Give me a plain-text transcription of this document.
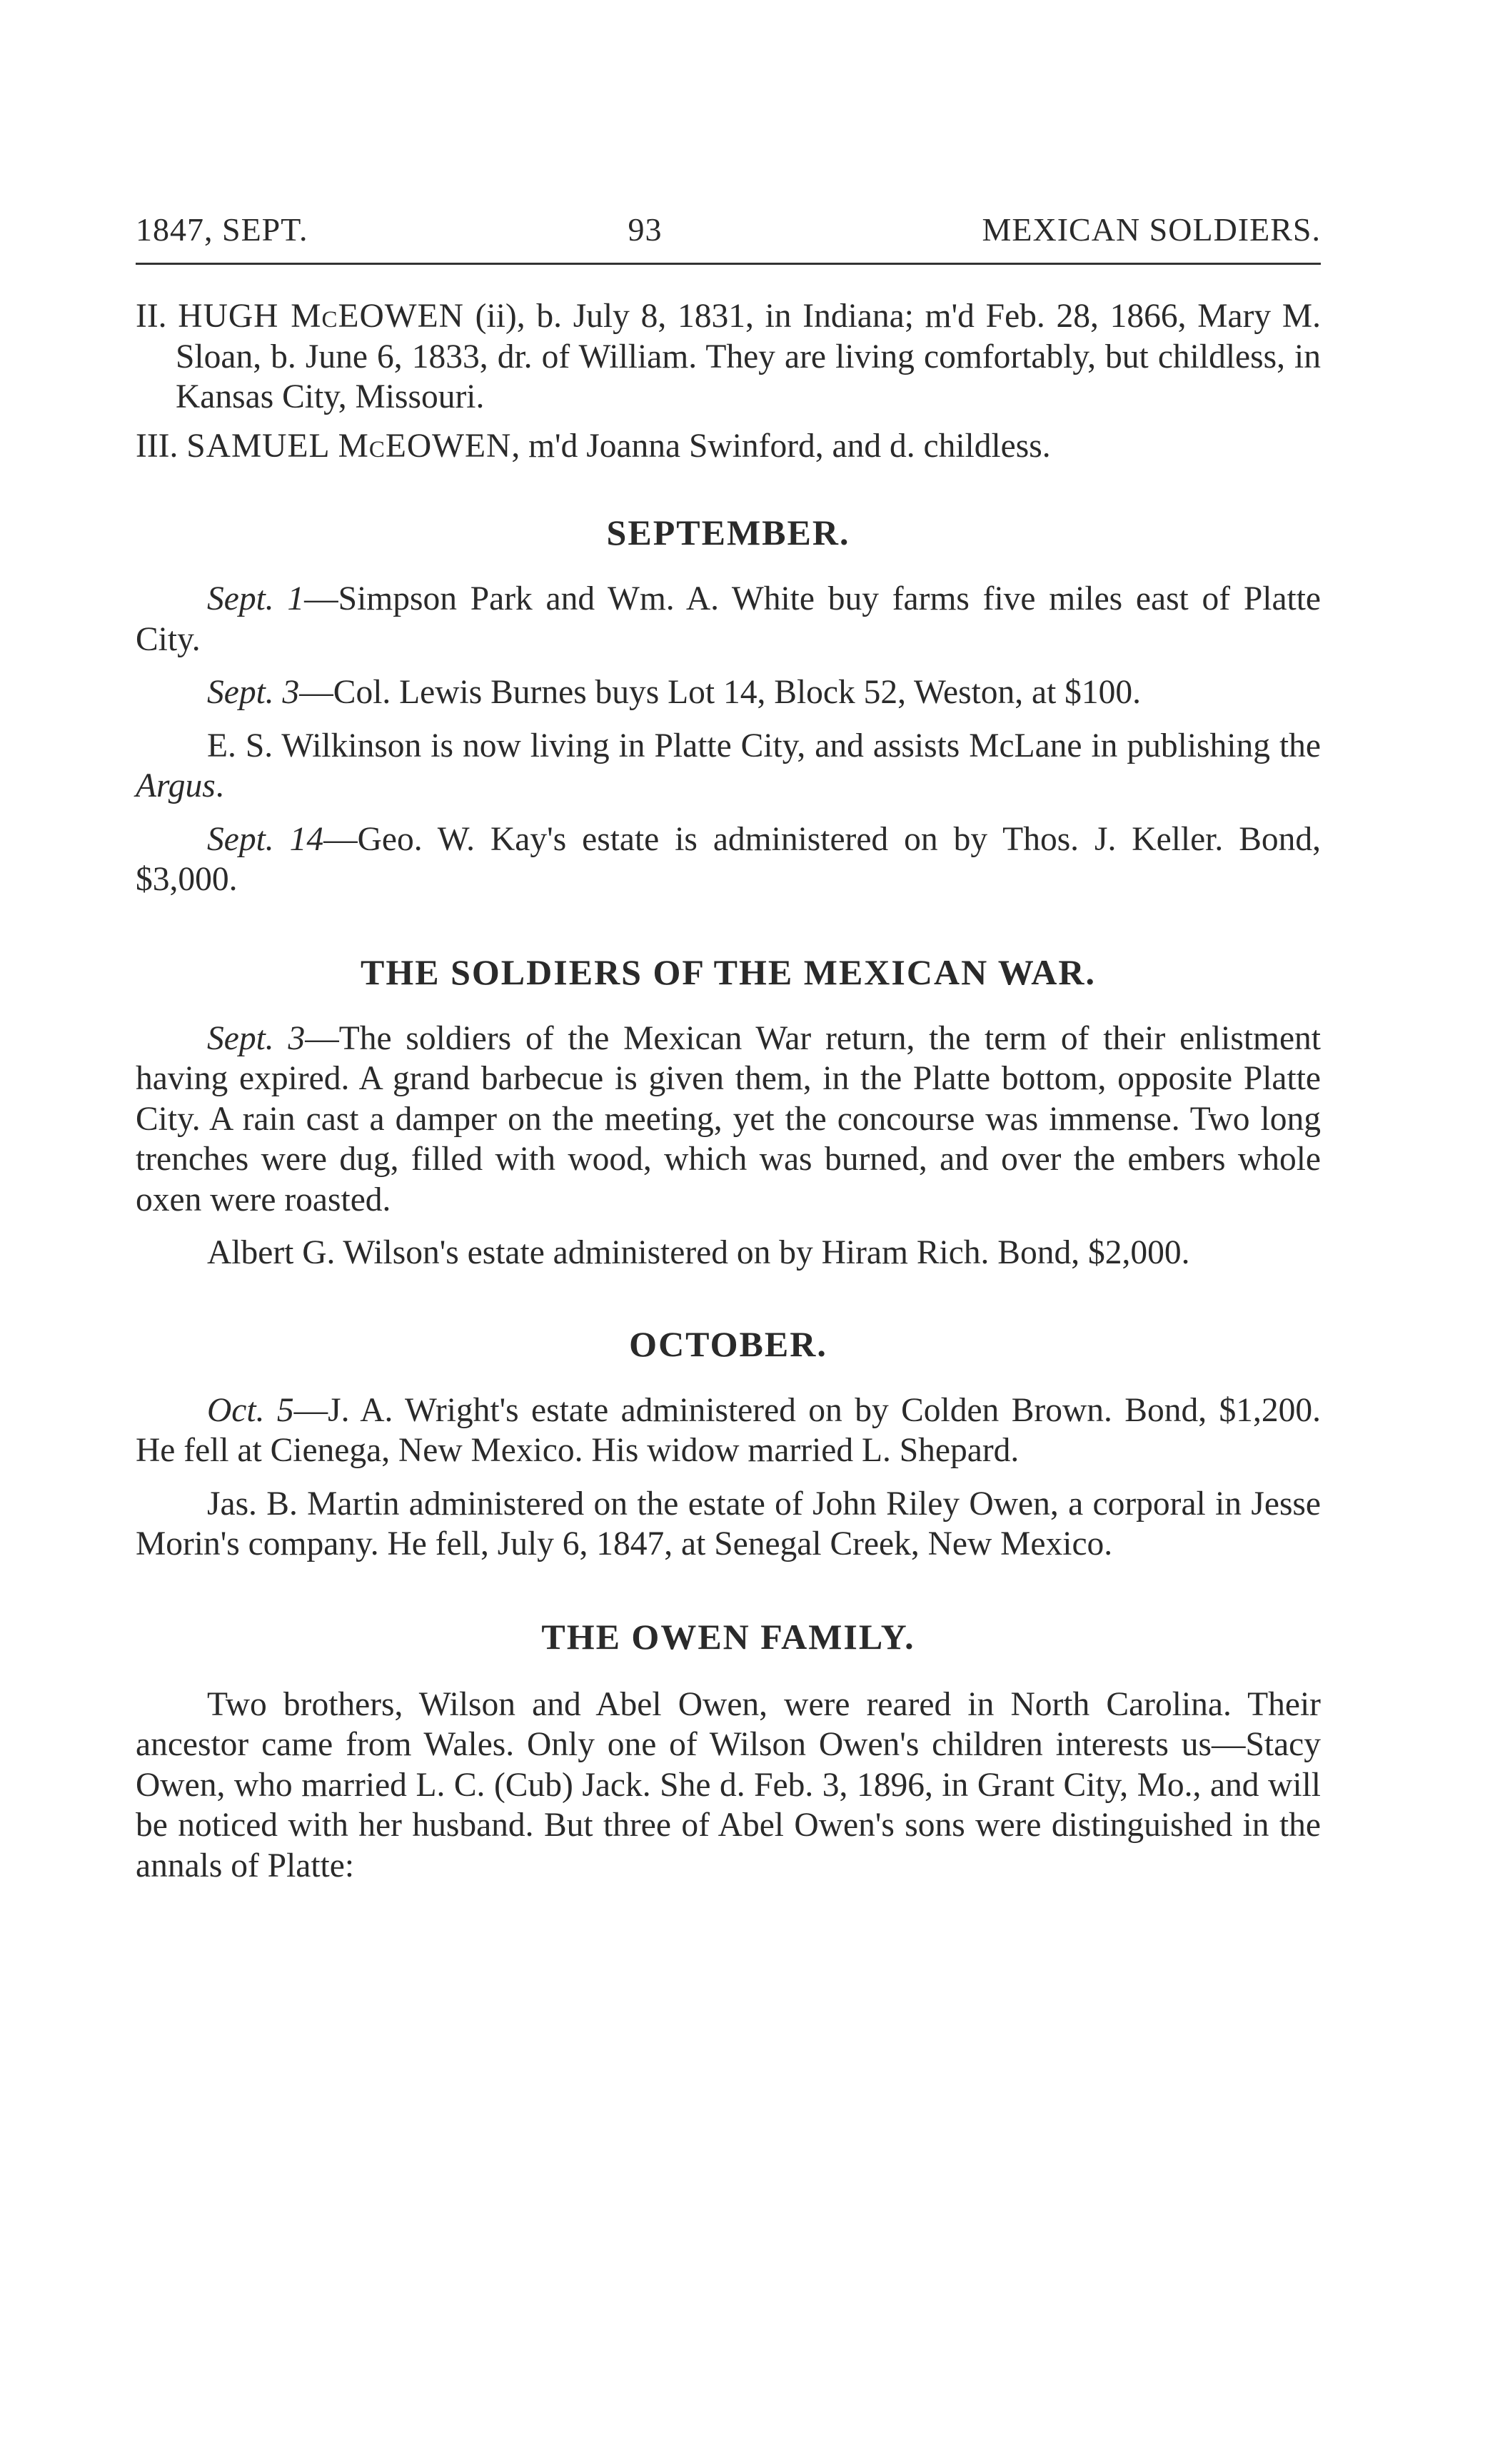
1847, SEPT.	93	MEXICAN SOLDIERS.

II. HUGH McEOWEN (ii), b. July 8, 1831, in Indiana; m'd Feb. 28, 1866, Mary M. Sloan, b. June 6, 1833, dr. of William. They are living comfortably, but childless, in Kansas City, Missouri.

III. SAMUEL McEOWEN, m'd Joanna Swinford, and d. childless.

SEPTEMBER.

Sept. 1—Simpson Park and Wm. A. White buy farms five miles east of Platte City.

Sept. 3—Col. Lewis Burnes buys Lot 14, Block 52, Weston, at $100.

E. S. Wilkinson is now living in Platte City, and assists McLane in publishing the Argus.

Sept. 14—Geo. W. Kay's estate is administered on by Thos. J. Keller. Bond, $3,000.

THE SOLDIERS OF THE MEXICAN WAR.

Sept. 3—The soldiers of the Mexican War return, the term of their enlistment having expired. A grand barbecue is given them, in the Platte bottom, opposite Platte City. A rain cast a damper on the meeting, yet the concourse was immense. Two long trenches were dug, filled with wood, which was burned, and over the embers whole oxen were roasted.

Albert G. Wilson's estate administered on by Hiram Rich. Bond, $2,000.

OCTOBER.

Oct. 5—J. A. Wright's estate administered on by Colden Brown. Bond, $1,200. He fell at Cienega, New Mexico. His widow married L. Shepard.

Jas. B. Martin administered on the estate of John Riley Owen, a corporal in Jesse Morin's company. He fell, July 6, 1847, at Senegal Creek, New Mexico.

THE OWEN FAMILY.

Two brothers, Wilson and Abel Owen, were reared in North Carolina. Their ancestor came from Wales. Only one of Wilson Owen's children interests us—Stacy Owen, who married L. C. (Cub) Jack. She d. Feb. 3, 1896, in Grant City, Mo., and will be noticed with her husband. But three of Abel Owen's sons were distinguished in the annals of Platte:
